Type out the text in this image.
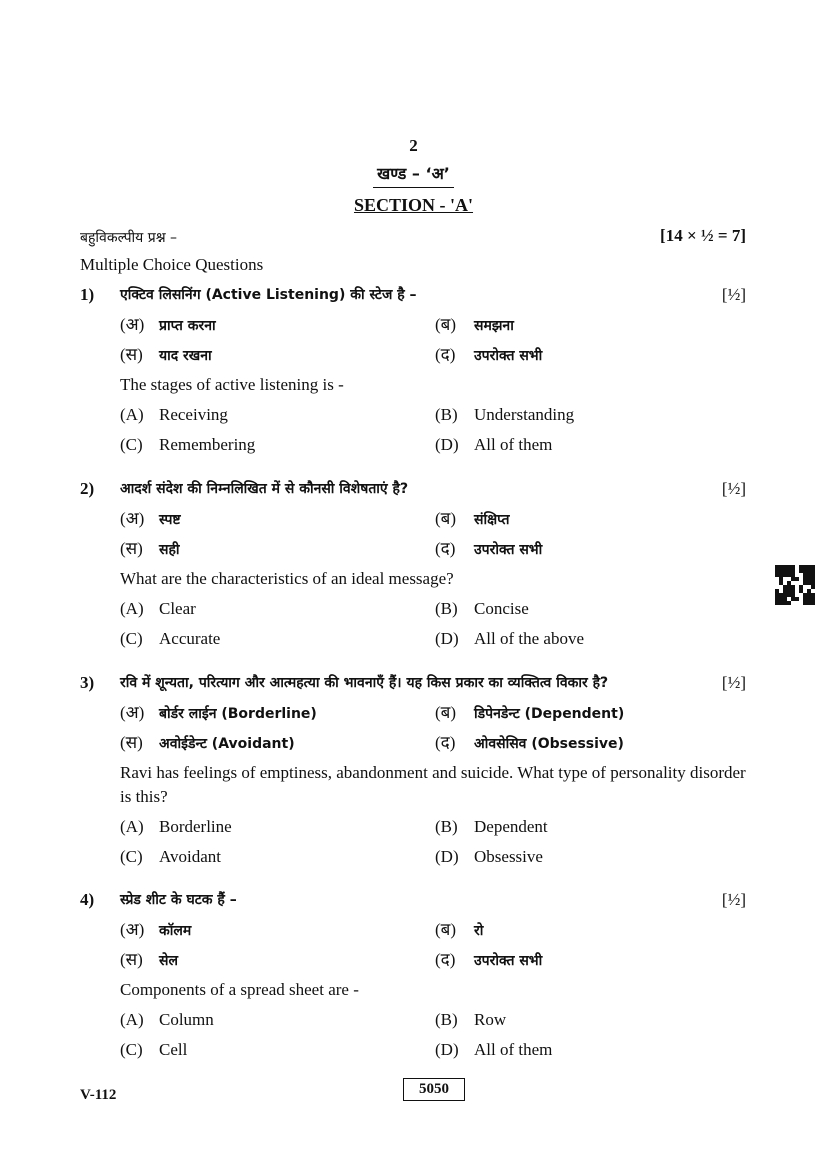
2
खण्ड – ‘अ’
SECTION - 'A'
बहुविकल्पीय प्रश्न –	[14 × ½ = 7]
Multiple Choice Questions
1) एक्टिव लिसनिंग (Active Listening) की स्टेज है –	[½]
(अ) प्राप्त करना	(ब) समझना
(स) याद रखना	(द) उपरोक्त सभी
The stages of active listening is -
(A) Receiving	(B) Understanding
(C) Remembering	(D) All of them
2) आदर्श संदेश की निम्नलिखित में से कौनसी विशेषताएं है?	[½]
(अ) स्पष्ट	(ब) संक्षिप्त
(स) सही	(द) उपरोक्त सभी
What are the characteristics of an ideal message?
(A) Clear	(B) Concise
(C) Accurate	(D) All of the above
3) रवि में शून्यता, परित्याग और आत्महत्या की भावनाएँ हैं। यह किस प्रकार का व्यक्तित्व विकार है?	[½]
(अ) बोर्डर लाईन (Borderline)	(ब) डिपेनडेन्ट (Dependent)
(स) अवोईडेन्ट (Avoidant)	(द) ओवसेसिव (Obsessive)
Ravi has feelings of emptiness, abandonment and suicide. What type of personality disorder is this?
(A) Borderline	(B) Dependent
(C) Avoidant	(D) Obsessive
4) स्प्रेड शीट के घटक हैं –	[½]
(अ) कॉलम	(ब) रो
(स) सेल	(द) उपरोक्त सभी
Components of a spread sheet are -
(A) Column	(B) Row
(C) Cell	(D) All of them
V-112	5050
